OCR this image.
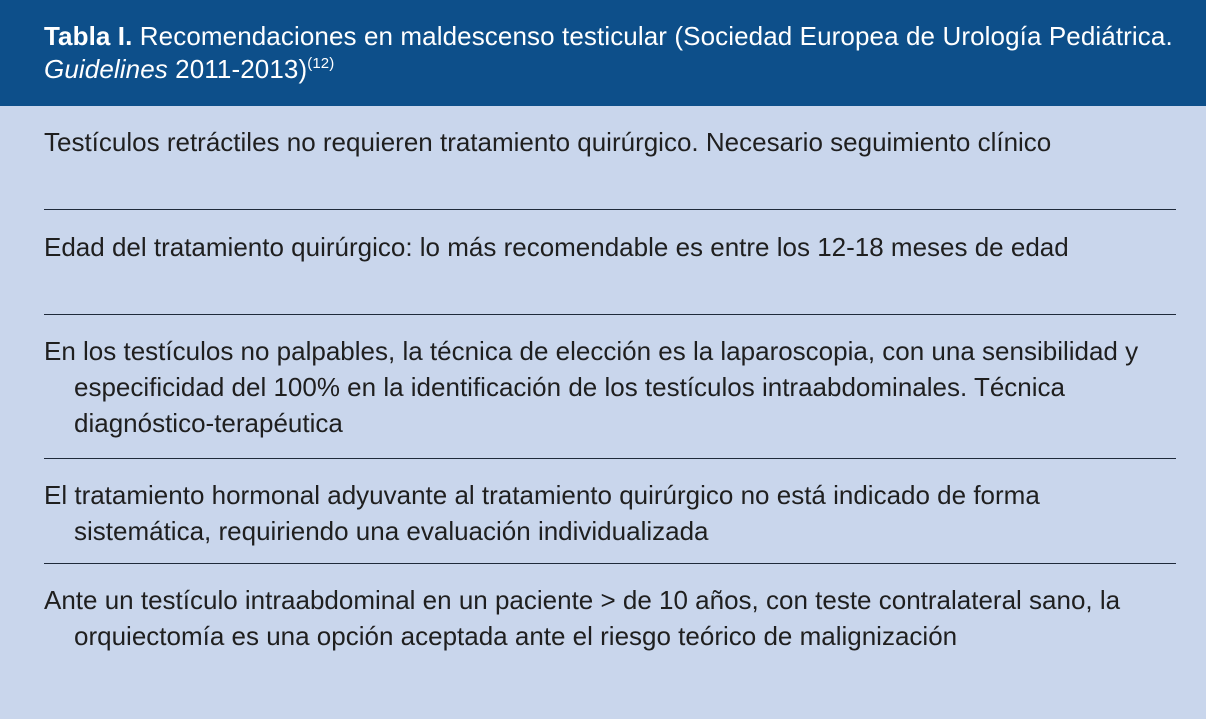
Tabla I. Recomendaciones en maldescenso testicular (Sociedad Europea de Urología Pediátrica. Guidelines 2011-2013)$^{(12)}$

Testículos retráctiles no requieren tratamiento quirúrgico. Necesario seguimiento clínico

Edad del tratamiento quirúrgico: lo más recomendable es entre los 12-18 meses de edad

En los testículos no palpables, la técnica de elección es la laparoscopia, con una sensibilidad y especificidad del 100% en la identificación de los testículos intraabdominales. Técnica diagnóstico-terapéutica

El tratamiento hormonal adyuvante al tratamiento quirúrgico no está indicado de forma sistemática, requiriendo una evaluación individualizada

Ante un testículo intraabdominal en un paciente > de 10 años, con teste contralateral sano, la orquiectomía es una opción aceptada ante el riesgo teórico de malignización
